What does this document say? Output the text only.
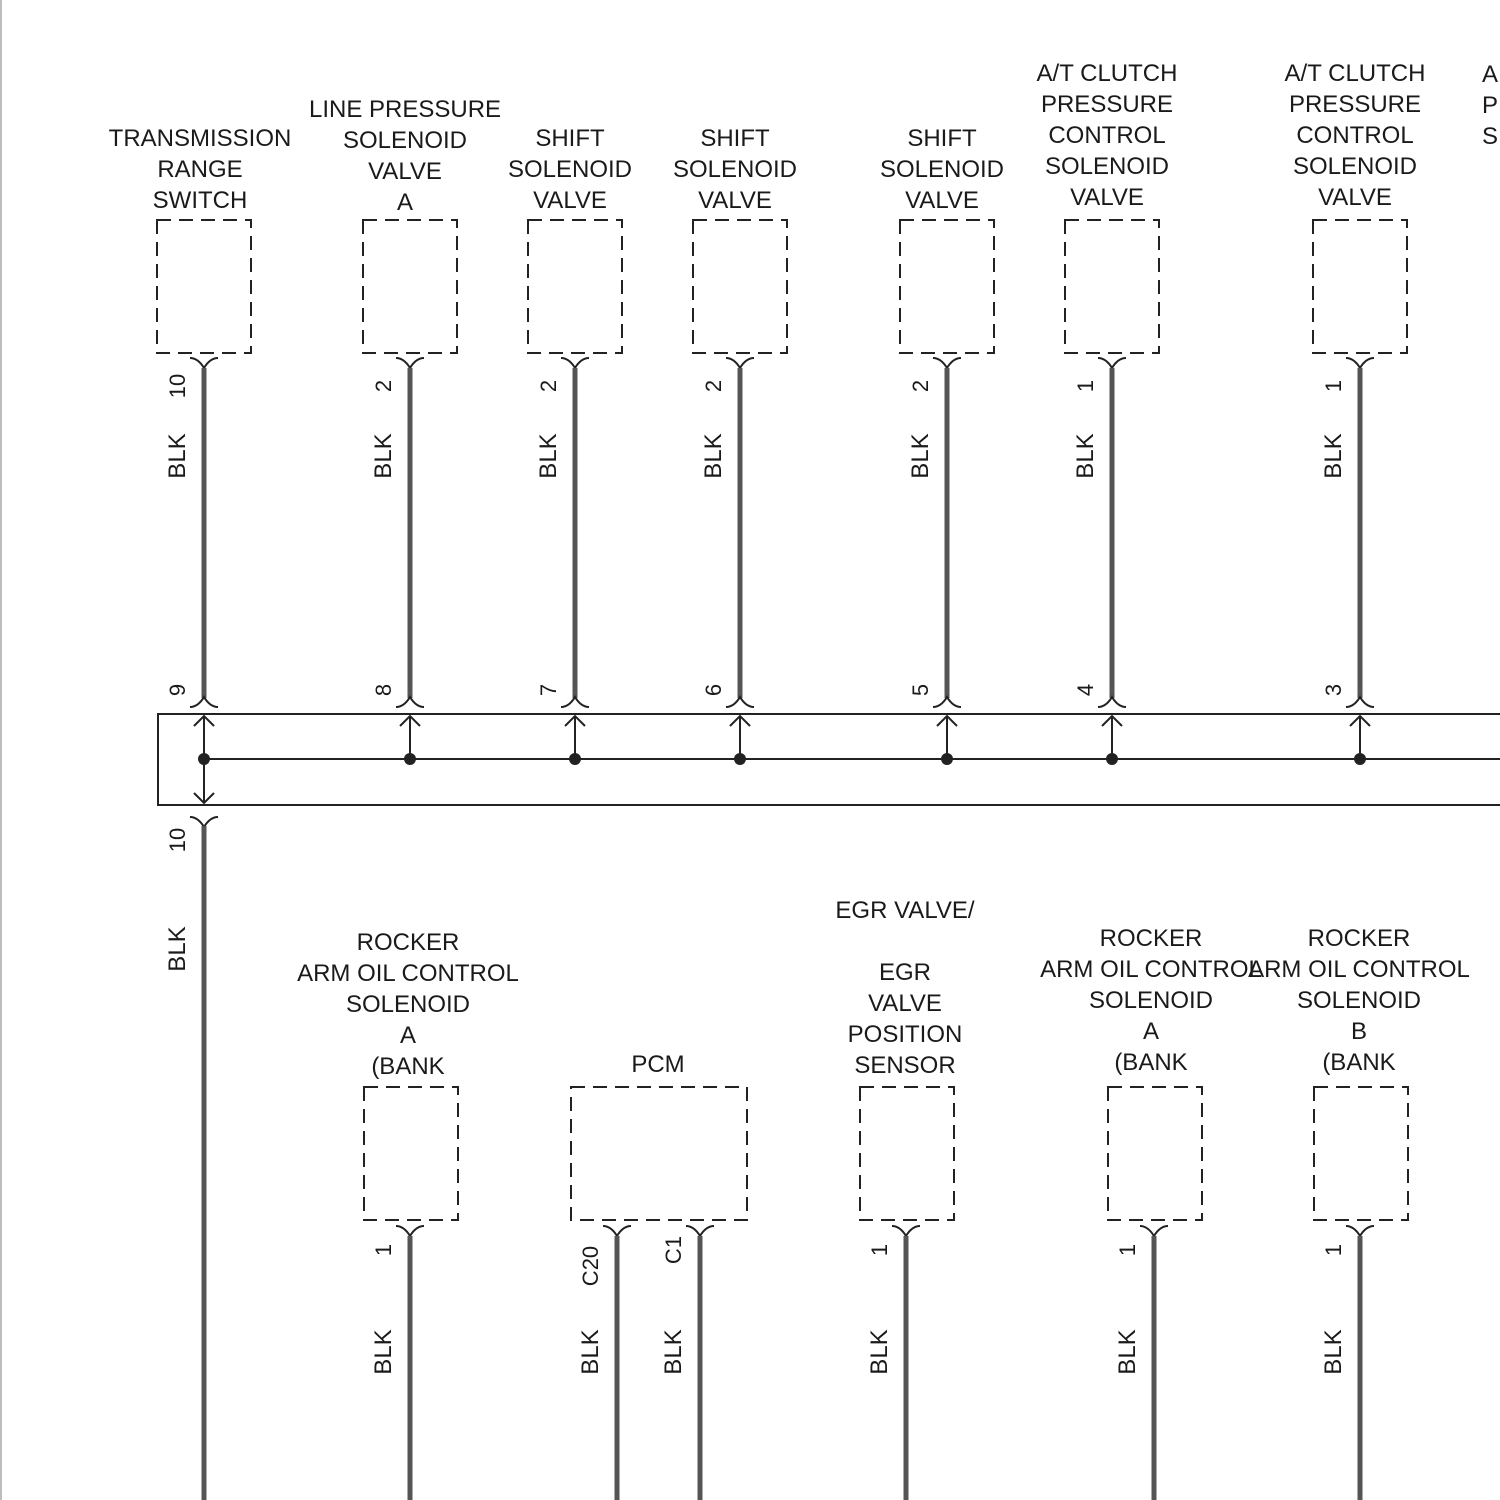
TRANSMISSION
RANGE
SWITCH
10
BLK
9
LINE PRESSURE
SOLENOID
VALVE
A
2
BLK
8
SHIFT
SOLENOID
VALVE
2
BLK
7
SHIFT
SOLENOID
VALVE
2
BLK
6
SHIFT
SOLENOID
VALVE
2
BLK
5
A/T CLUTCH
PRESSURE
CONTROL
SOLENOID
VALVE
1
BLK
4
A/T CLUTCH
PRESSURE
CONTROL
SOLENOID
VALVE
1
BLK
3
A
P
S
10
BLK	ROCKER
ARM OIL CONTROL
SOLENOID
A
(BANK
1
BLK
PCM
C20
BLK
C1
BLK
EGR VALVE/
EGR
VALVE
POSITION
SENSOR
1
BLK
ROCKER
ARM OIL CONTROL
SOLENOID
A
(BANK
1
BLK
ROCKER
ARM OIL CONTROL
SOLENOID
B
(BANK
1
BLK
